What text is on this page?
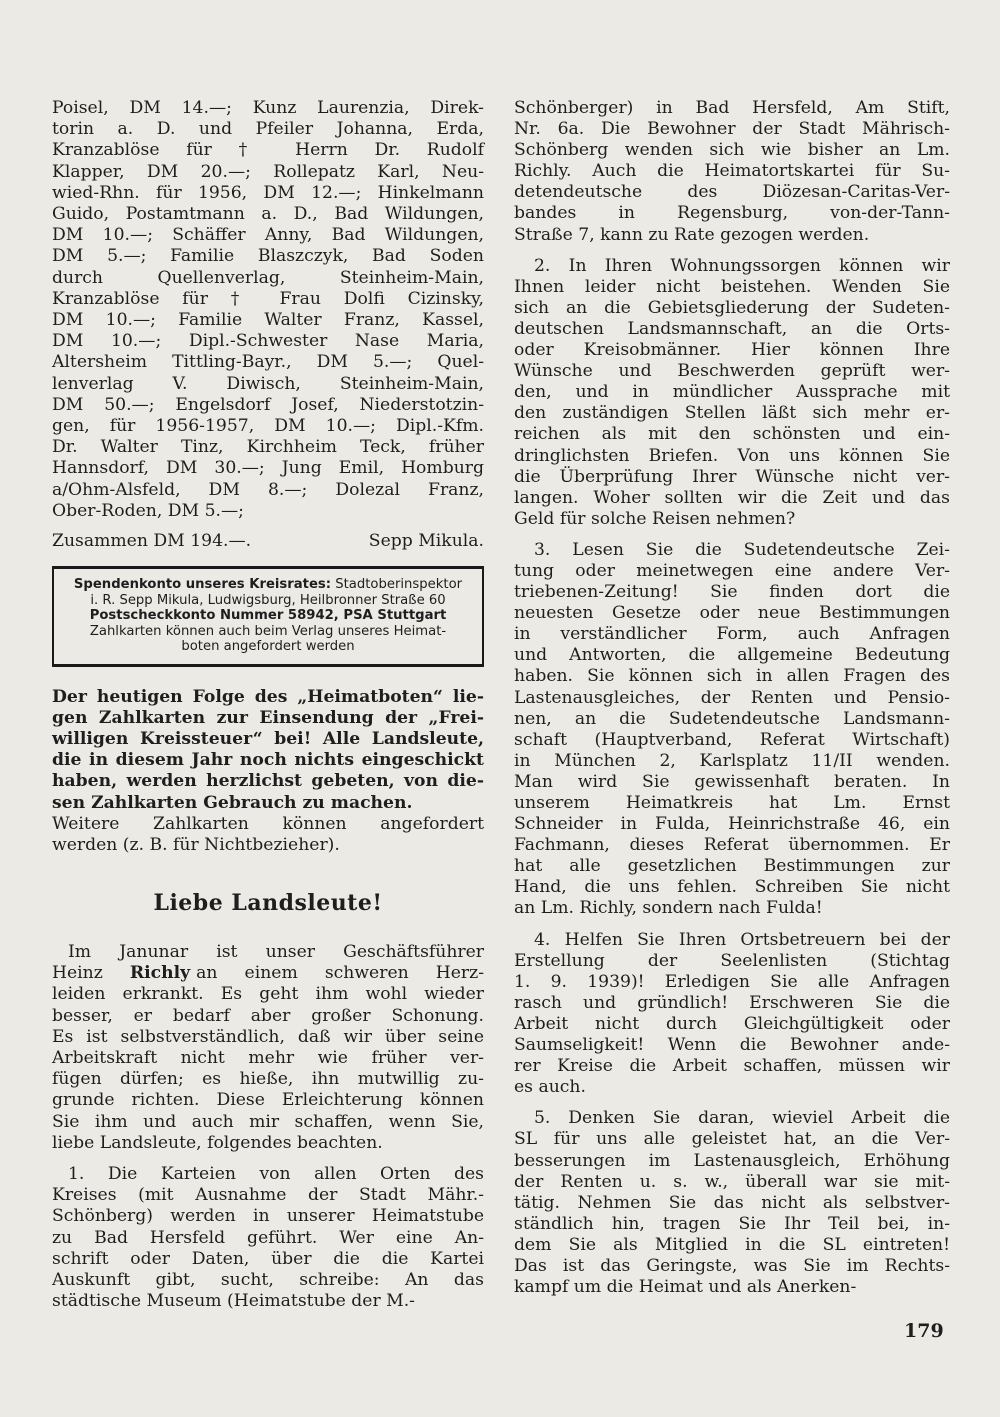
Poisel, DM 14.—; Kunz Laurenzia, Direk-
torin a. D. und Pfeiler Johanna, Erda,
Kranzablöse für † Herrn Dr. Rudolf
Klapper, DM 20.—; Rollepatz Karl, Neu-
wied-Rhn. für 1956, DM 12.—; Hinkelmann
Guido, Postamtmann a. D., Bad Wildungen,
DM 10.—; Schäffer Anny, Bad Wildungen,
DM 5.—; Familie Blaszczyk, Bad Soden
durch Quellenverlag, Steinheim-Main,
Kranzablöse für † Frau Dolfi Cizinsky,
DM 10.—; Familie Walter Franz, Kassel,
DM 10.—; Dipl.-Schwester Nase Maria,
Altersheim Tittling-Bayr., DM 5.—; Quel-
lenverlag V. Diwisch, Steinheim-Main,
DM 50.—; Engelsdorf Josef, Niederstotzin-
gen, für 1956-1957, DM 10.—; Dipl.-Kfm.
Dr. Walter Tinz, Kirchheim Teck, früher
Hannsdorf, DM 30.—; Jung Emil, Homburg
a/Ohm-Alsfeld, DM 8.—; Dolezal Franz,
Ober-Roden, DM 5.—;
Zusammen DM 194.—.	Sepp Mikula.
Spendenkonto unseres Kreisrates: Stadtoberinspektor
i. R. Sepp Mikula, Ludwigsburg, Heilbronner Straße 60
Postscheckkonto Nummer 58942, PSA Stuttgart
Zahlkarten können auch beim Verlag unseres Heimat-
boten angefordert werden
Der heutigen Folge des „Heimatboten“ lie-
gen Zahlkarten zur Einsendung der „Frei-
willigen Kreissteuer“ bei! Alle Landsleute,
die in diesem Jahr noch nichts eingeschickt
haben, werden herzlichst gebeten, von die-
sen Zahlkarten Gebrauch zu machen.
Weitere Zahlkarten können angefordert
werden (z. B. für Nichtbezieher).
Liebe Landsleute!
Im Janunar ist unser Geschäftsführer
Heinz Richly an einem schweren Herz-
leiden erkrankt. Es geht ihm wohl wieder
besser, er bedarf aber großer Schonung.
Es ist selbstverständlich, daß wir über seine
Arbeitskraft nicht mehr wie früher ver-
fügen dürfen; es hieße, ihn mutwillig zu-
grunde richten. Diese Erleichterung können
Sie ihm und auch mir schaffen, wenn Sie,
liebe Landsleute, folgendes beachten.
1. Die Karteien von allen Orten des
Kreises (mit Ausnahme der Stadt Mähr.-
Schönberg) werden in unserer Heimatstube
zu Bad Hersfeld geführt. Wer eine An-
schrift oder Daten, über die die Kartei
Auskunft gibt, sucht, schreibe: An das
städtische Museum (Heimatstube der M.-
Schönberger) in Bad Hersfeld, Am Stift,
Nr. 6a. Die Bewohner der Stadt Mährisch-
Schönberg wenden sich wie bisher an Lm.
Richly. Auch die Heimatortskartei für Su-
detendeutsche des Diözesan-Caritas-Ver-
bandes in Regensburg, von-der-Tann-
Straße 7, kann zu Rate gezogen werden.
2. In Ihren Wohnungssorgen können wir
Ihnen leider nicht beistehen. Wenden Sie
sich an die Gebietsgliederung der Sudeten-
deutschen Landsmannschaft, an die Orts-
oder Kreisobmänner. Hier können Ihre
Wünsche und Beschwerden geprüft wer-
den, und in mündlicher Aussprache mit
den zuständigen Stellen läßt sich mehr er-
reichen als mit den schönsten und ein-
dringlichsten Briefen. Von uns können Sie
die Überprüfung Ihrer Wünsche nicht ver-
langen. Woher sollten wir die Zeit und das
Geld für solche Reisen nehmen?
3. Lesen Sie die Sudetendeutsche Zei-
tung oder meinetwegen eine andere Ver-
triebenen-Zeitung! Sie finden dort die
neuesten Gesetze oder neue Bestimmungen
in verständlicher Form, auch Anfragen
und Antworten, die allgemeine Bedeutung
haben. Sie können sich in allen Fragen des
Lastenausgleiches, der Renten und Pensio-
nen, an die Sudetendeutsche Landsmann-
schaft (Hauptverband, Referat Wirtschaft)
in München 2, Karlsplatz 11/II wenden.
Man wird Sie gewissenhaft beraten. In
unserem Heimatkreis hat Lm. Ernst
Schneider in Fulda, Heinrichstraße 46, ein
Fachmann, dieses Referat übernommen. Er
hat alle gesetzlichen Bestimmungen zur
Hand, die uns fehlen. Schreiben Sie nicht
an Lm. Richly, sondern nach Fulda!
4. Helfen Sie Ihren Ortsbetreuern bei der
Erstellung der Seelenlisten (Stichtag
1. 9. 1939)! Erledigen Sie alle Anfragen
rasch und gründlich! Erschweren Sie die
Arbeit nicht durch Gleichgültigkeit oder
Saumseligkeit! Wenn die Bewohner ande-
rer Kreise die Arbeit schaffen, müssen wir
es auch.
5. Denken Sie daran, wieviel Arbeit die
SL für uns alle geleistet hat, an die Ver-
besserungen im Lastenausgleich, Erhöhung
der Renten u. s. w., überall war sie mit-
tätig. Nehmen Sie das nicht als selbstver-
ständlich hin, tragen Sie Ihr Teil bei, in-
dem Sie als Mitglied in die SL eintreten!
Das ist das Geringste, was Sie im Rechts-
kampf um die Heimat und als Anerken-
179
